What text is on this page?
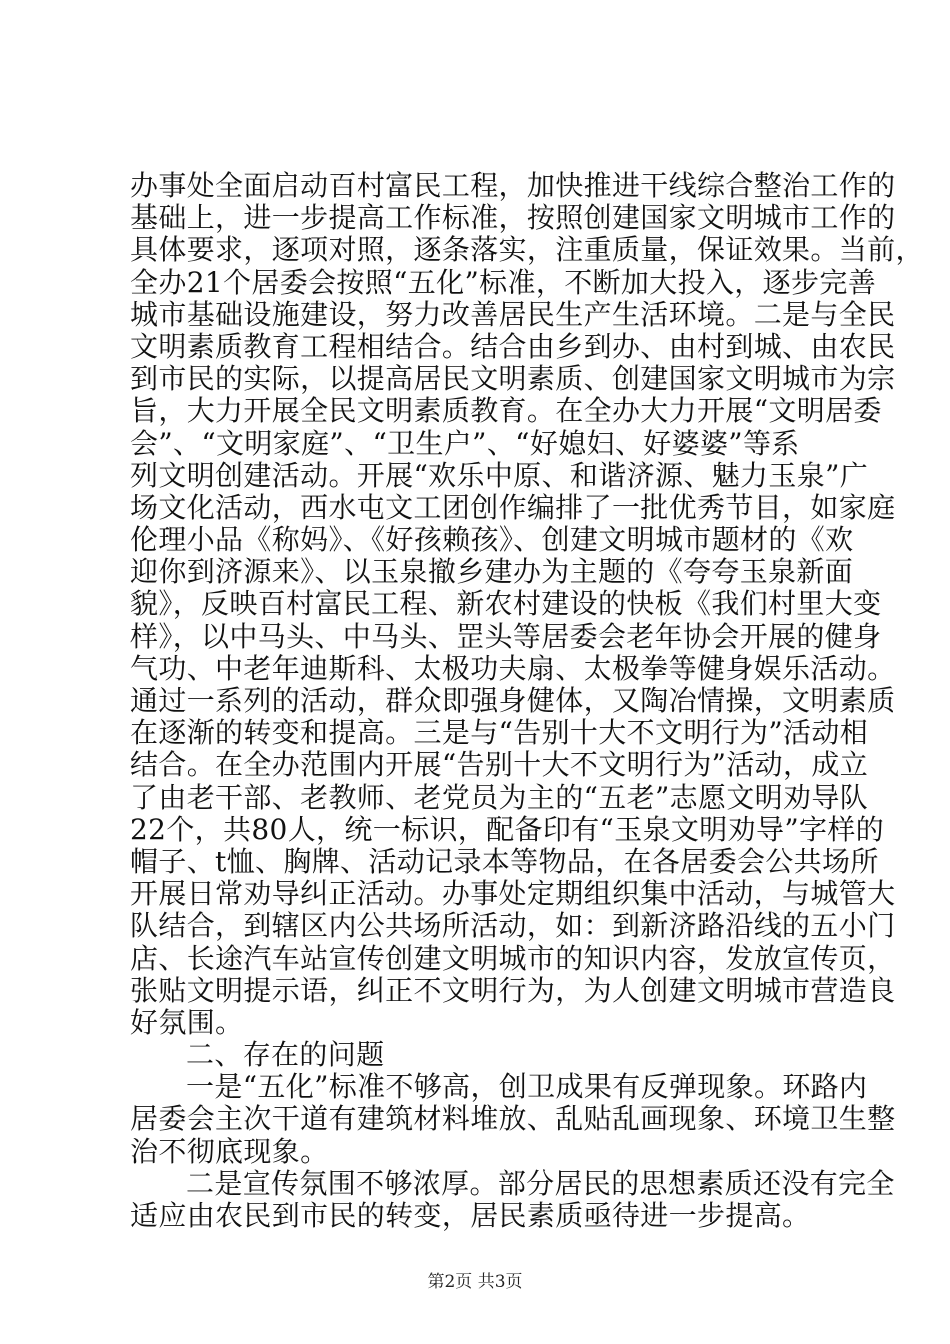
办事处全面启动百村富民工程，加快推进干线综合整治工作的
基础上，进一步提高工作标准，按照创建国家文明城市工作的
具体要求，逐项对照，逐条落实，注重质量，保证效果。当前，
全办21个居委会按照“五化”标准，不断加大投入，逐步完善
城市基础设施建设，努力改善居民生产生活环境。二是与全民
文明素质教育工程相结合。结合由乡到办、由村到城、由农民
到市民的实际，以提高居民文明素质、创建国家文明城市为宗
旨，大力开展全民文明素质教育。在全办大力开展“文明居委
会”、“文明家庭”、“卫生户”、“好媳妇、好婆婆”等系
列文明创建活动。开展“欢乐中原、和谐济源、魅力玉泉”广
场文化活动，西水屯文工团创作编排了一批优秀节目，如家庭
伦理小品《称妈》、《好孩赖孩》、创建文明城市题材的《欢
迎你到济源来》、以玉泉撤乡建办为主题的《夸夸玉泉新面
貌》，反映百村富民工程、新农村建设的快板《我们村里大变
样》，以中马头、中马头、罡头等居委会老年协会开展的健身
气功、中老年迪斯科、太极功夫扇、太极拳等健身娱乐活动。
通过一系列的活动，群众即强身健体，又陶冶情操，文明素质
在逐渐的转变和提高。三是与“告别十大不文明行为”活动相
结合。在全办范围内开展“告别十大不文明行为”活动，成立
了由老干部、老教师、老党员为主的“五老”志愿文明劝导队
22个，共80人，统一标识，配备印有“玉泉文明劝导”字样的
帽子、t恤、胸牌、活动记录本等物品，在各居委会公共场所
开展日常劝导纠正活动。办事处定期组织集中活动，与城管大
队结合，到辖区内公共场所活动，如：到新济路沿线的五小门
店、长途汽车站宣传创建文明城市的知识内容，发放宣传页，
张贴文明提示语，纠正不文明行为，为人创建文明城市营造良
好氛围。
二、存在的问题
一是“五化”标准不够高，创卫成果有反弹现象。环路内
居委会主次干道有建筑材料堆放、乱贴乱画现象、环境卫生整
治不彻底现象。
二是宣传氛围不够浓厚。部分居民的思想素质还没有完全
适应由农民到市民的转变，居民素质亟待进一步提高。
第2页 共3页
